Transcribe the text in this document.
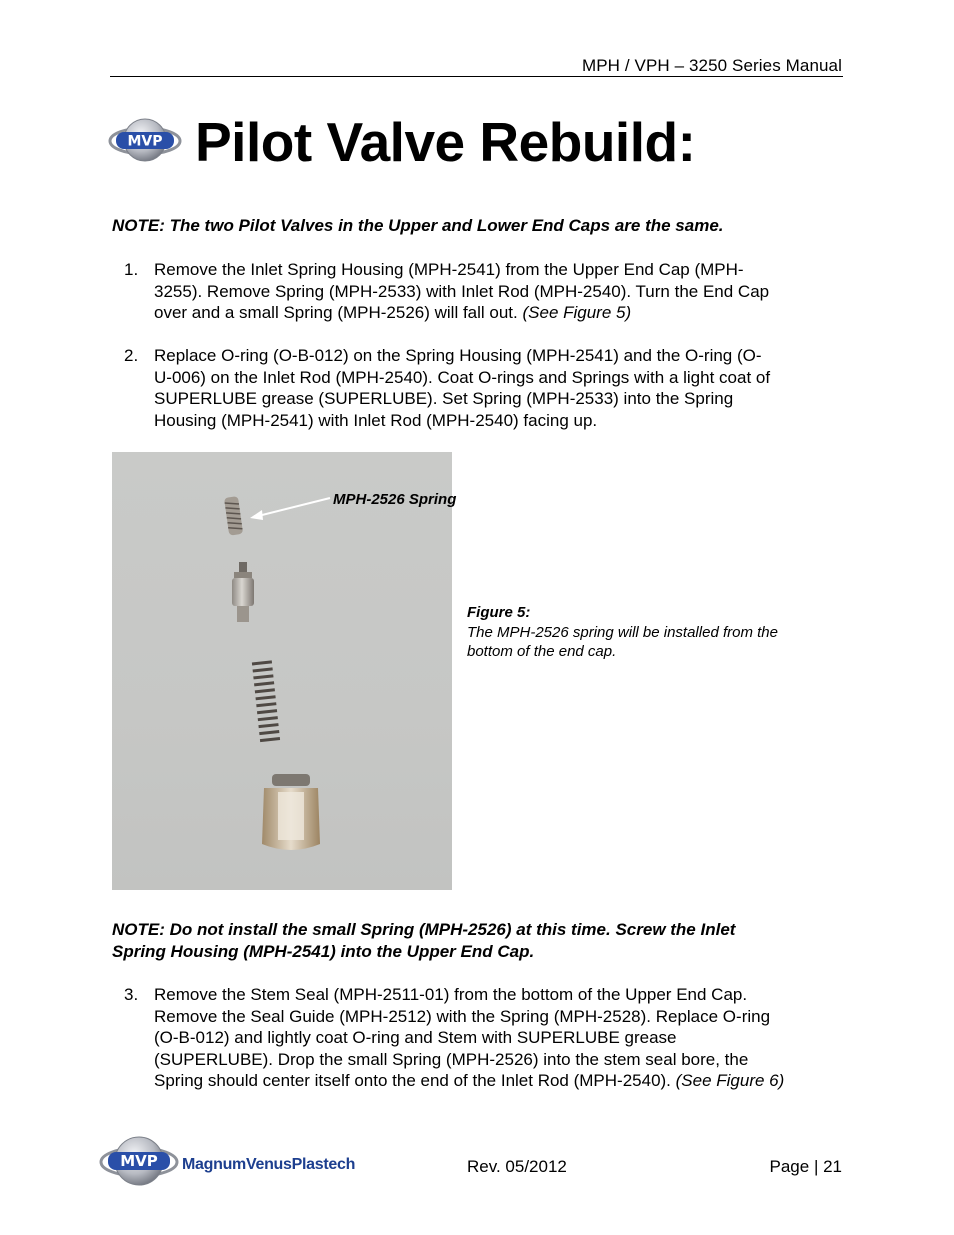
MPH / VPH – 3250 Series Manual
MVP Pilot Valve Rebuild:
NOTE: The two Pilot Valves in the Upper and Lower End Caps are the same.
1. Remove the Inlet Spring Housing (MPH-2541) from the Upper End Cap (MPH-
3255). Remove Spring (MPH-2533) with Inlet Rod (MPH-2540). Turn the End Cap
over and a small Spring (MPH-2526) will fall out. (See Figure 5)
2. Replace O-ring (O-B-012) on the Spring Housing (MPH-2541) and the O-ring (O-
U-006) on the Inlet Rod (MPH-2540). Coat O-rings and Springs with a light coat of
SUPERLUBE grease (SUPERLUBE). Set Spring (MPH-2533) into the Spring
Housing (MPH-2541) with Inlet Rod (MPH-2540) facing up.
MPH-2526 Spring
Figure 5:
The MPH-2526 spring will be installed from the
bottom of the end cap.
NOTE: Do not install the small Spring (MPH-2526) at this time. Screw the Inlet
Spring Housing (MPH-2541) into the Upper End Cap.
3. Remove the Stem Seal (MPH-2511-01) from the bottom of the Upper End Cap.
Remove the Seal Guide (MPH-2512) with the Spring (MPH-2528). Replace O-ring
(O-B-012) and lightly coat O-ring and Stem with SUPERLUBE grease
(SUPERLUBE). Drop the small Spring (MPH-2526) into the stem seal bore, the
Spring should center itself onto the end of the Inlet Rod (MPH-2540). (See Figure 6)
MVP MagnumVenusPlastech	Rev. 05/2012	Page | 21
